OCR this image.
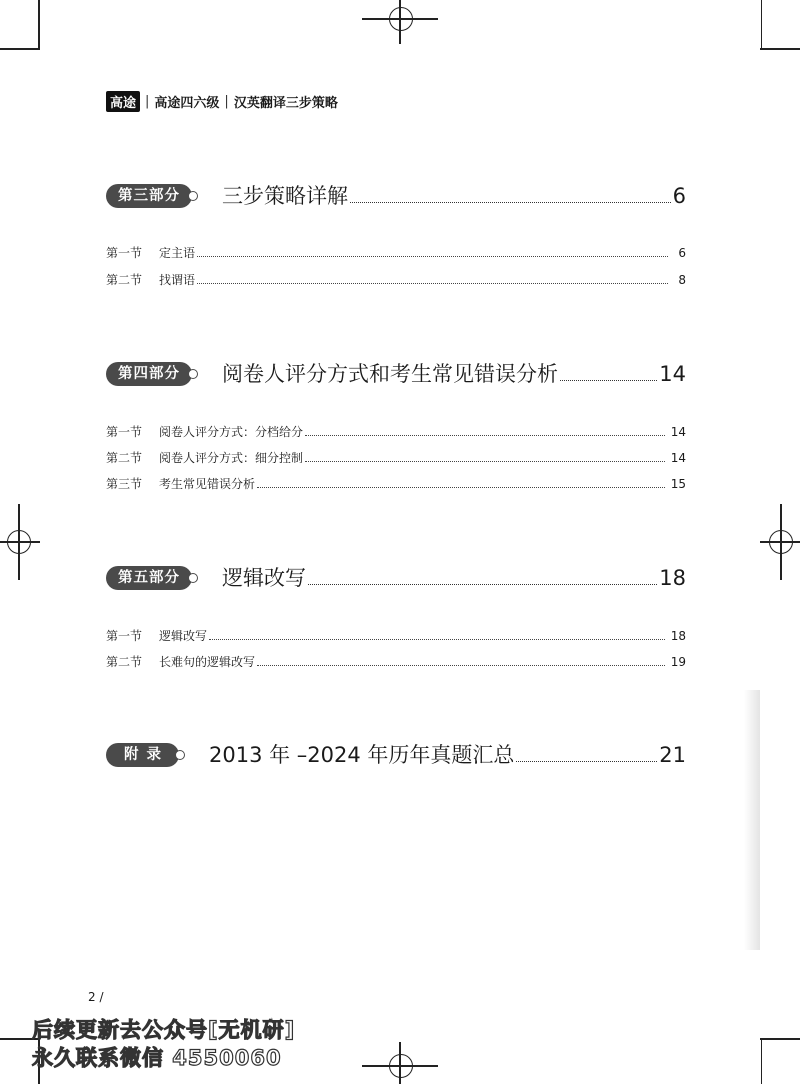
高途 | 高途四六级 | 汉英翻译三步策略
第三部分	三步策略详解	6
第一节	定主语	6
第二节	找谓语	8
第四部分	阅卷人评分方式和考生常见错误分析	14
第一节	阅卷人评分方式：分档给分	14
第二节	阅卷人评分方式：细分控制	14
第三节	考生常见错误分析	15
第五部分	逻辑改写	18
第一节	逻辑改写	18
第二节	长难句的逻辑改写	19
附录	2013 年 –2024 年历年真题汇总	21
2 /
后续更新去公众号[无机研]
永久联系微信 4550060
